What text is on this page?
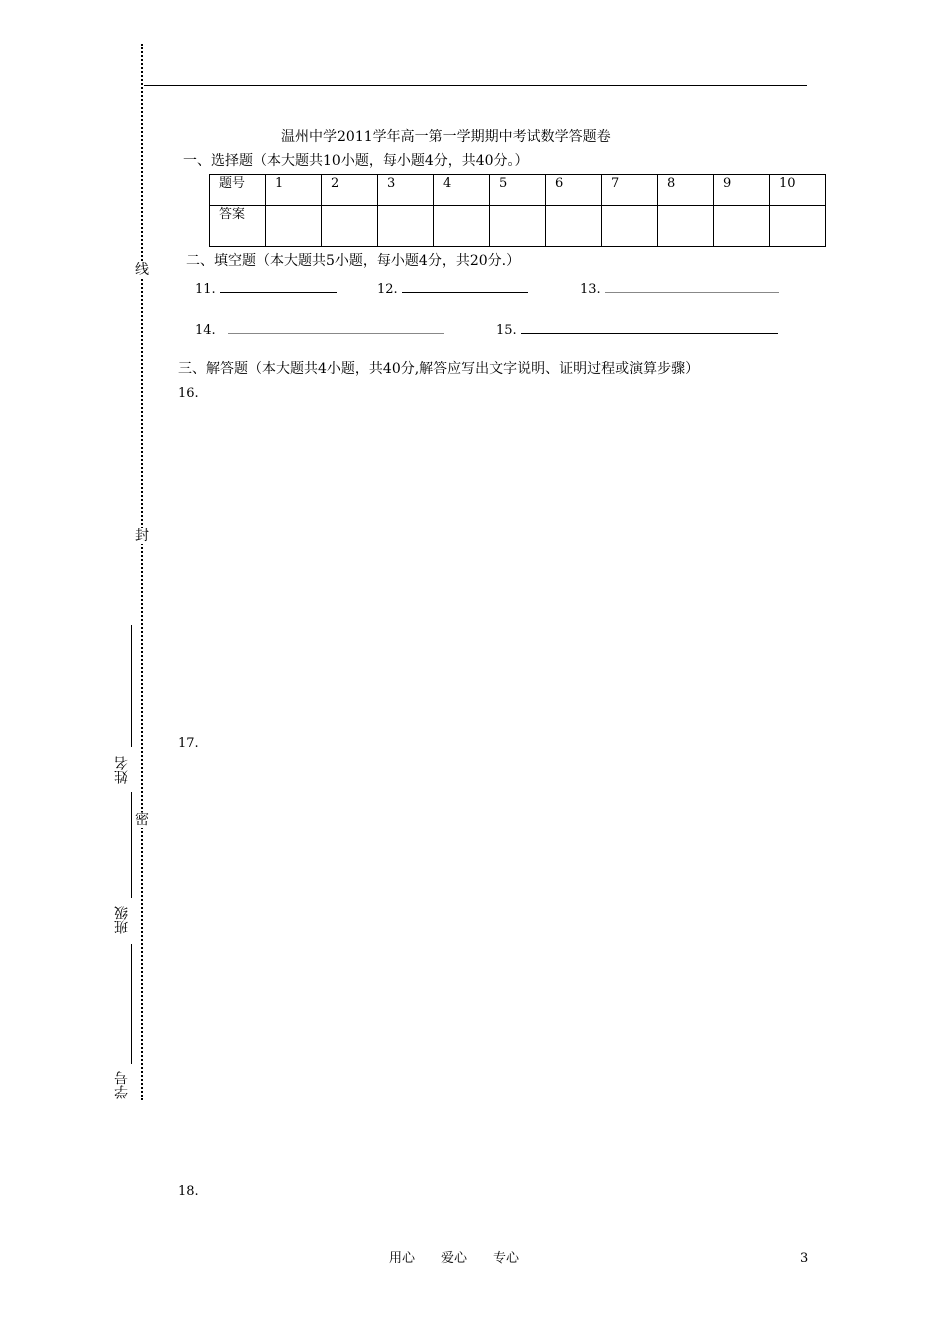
线
封
密
姓名
班级
学号
温州中学2011学年高一第一学期期中考试数学答题卷
一、选择题（本大题共10小题，每小题4分，共40分。）
题号	1	2	3	4	5	6	7	8	9	10
答案										
二、填空题（本大题共5小题，每小题4分，共20分.）
11.	12.	13.
14.	15.
三、解答题（本大题共4小题，共40分,解答应写出文字说明、证明过程或演算步骤）
16.
17.
18.
用心　　爱心　　专心	3
